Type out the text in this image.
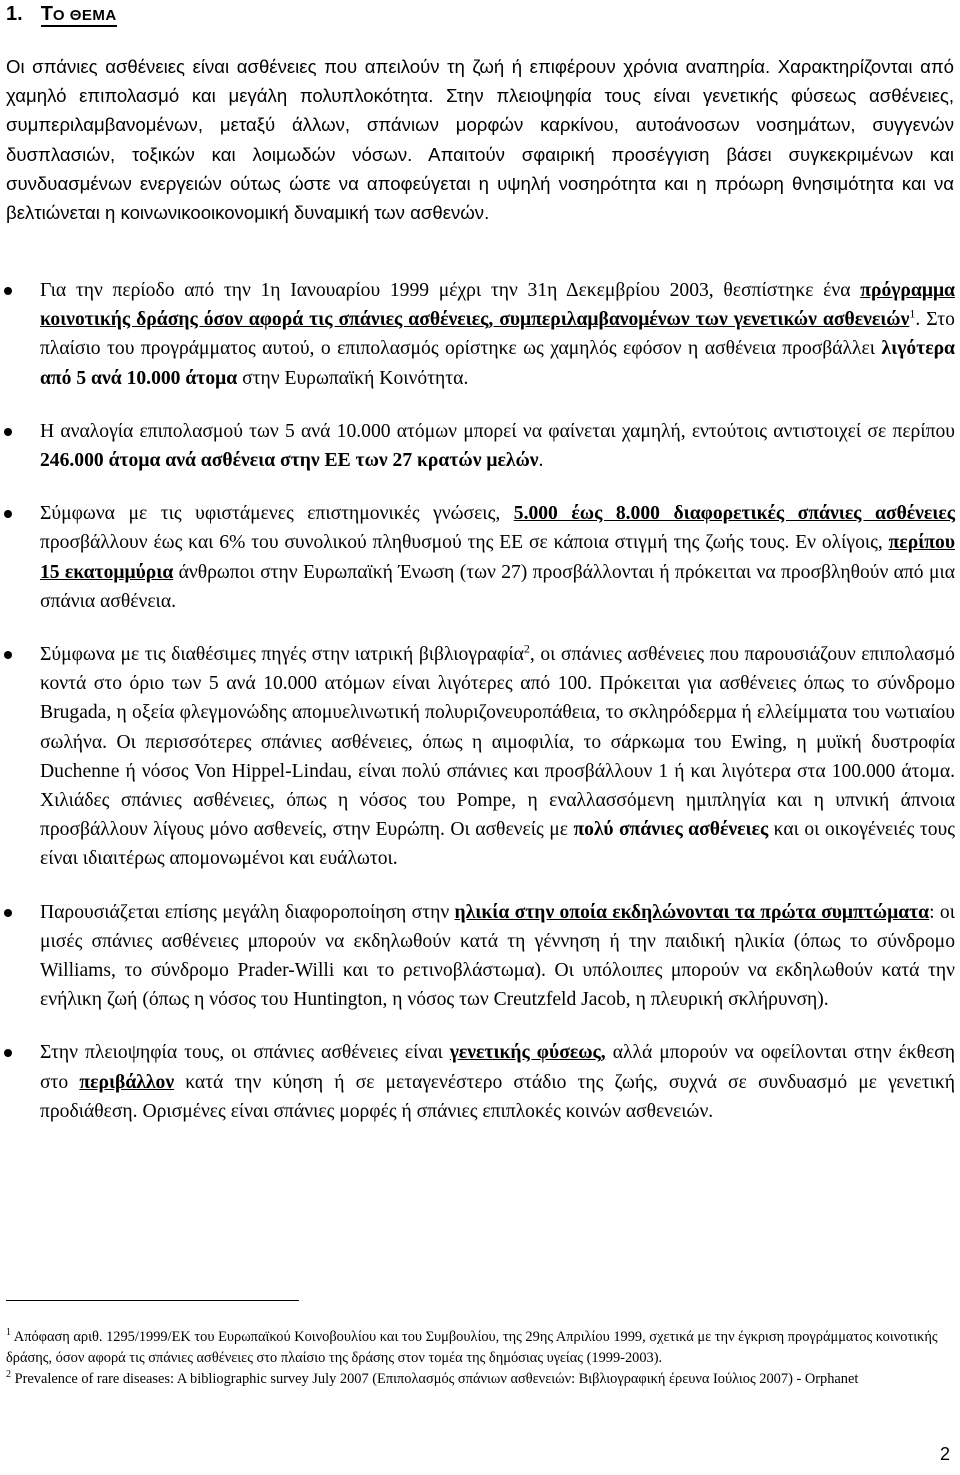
1. ΤΟ ΘΕΜΑ

Οι σπάνιες ασθένειες είναι ασθένειες που απειλούν τη ζωή ή επιφέρουν χρόνια αναπηρία. Χαρακτηρίζονται από χαμηλό επιπολασμό και μεγάλη πολυπλοκότητα. Στην πλειοψηφία τους είναι γενετικής φύσεως ασθένειες, συμπεριλαμβανομένων, μεταξύ άλλων, σπάνιων μορφών καρκίνου, αυτοάνοσων νοσημάτων, συγγενών δυσπλασιών, τοξικών και λοιμωδών νόσων. Απαιτούν σφαιρική προσέγγιση βάσει συγκεκριμένων και συνδυασμένων ενεργειών ούτως ώστε να αποφεύγεται η υψηλή νοσηρότητα και η πρόωρη θνησιμότητα και να βελτιώνεται η κοινωνικοοικονομική δυναμική των ασθενών.

Για την περίοδο από την 1η Ιανουαρίου 1999 μέχρι την 31η Δεκεμβρίου 2003, θεσπίστηκε ένα πρόγραμμα κοινοτικής δράσης όσον αφορά τις σπάνιες ασθένειες, συμπεριλαμβανομένων των γενετικών ασθενειών$^1$. Στο πλαίσιο του προγράμματος αυτού, ο επιπολασμός ορίστηκε ως χαμηλός εφόσον η ασθένεια προσβάλλει λιγότερα από 5 ανά 10.000 άτομα στην Ευρωπαϊκή Κοινότητα.
Η αναλογία επιπολασμού των 5 ανά 10.000 ατόμων μπορεί να φαίνεται χαμηλή, εντούτοις αντιστοιχεί σε περίπου 246.000 άτομα ανά ασθένεια στην ΕΕ των 27 κρατών μελών.
Σύμφωνα με τις υφιστάμενες επιστημονικές γνώσεις, 5.000 έως 8.000 διαφορετικές σπάνιες ασθένειες προσβάλλουν έως και 6% του συνολικού πληθυσμού της ΕΕ σε κάποια στιγμή της ζωής τους. Εν ολίγοις, περίπου 15 εκατομμύρια άνθρωποι στην Ευρωπαϊκή Ένωση (των 27) προσβάλλονται ή πρόκειται να προσβληθούν από μια σπάνια ασθένεια.
Σύμφωνα με τις διαθέσιμες πηγές στην ιατρική βιβλιογραφία$^2$, οι σπάνιες ασθένειες που παρουσιάζουν επιπολασμό κοντά στο όριο των 5 ανά 10.000 ατόμων είναι λιγότερες από 100. Πρόκειται για ασθένειες όπως το σύνδρομο Brugada, η οξεία φλεγμονώδης απομυελινωτική πολυριζονευροπάθεια, το σκληρόδερμα ή ελλείμματα του νωτιαίου σωλήνα. Οι περισσότερες σπάνιες ασθένειες, όπως η αιμοφιλία, το σάρκωμα του Ewing, η μυϊκή δυστροφία Duchenne ή νόσος Von Hippel-Lindau, είναι πολύ σπάνιες και προσβάλλουν 1 ή και λιγότερα στα 100.000 άτομα. Χιλιάδες σπάνιες ασθένειες, όπως η νόσος του Pompe, η εναλλασσόμενη ημιπληγία και η υπνική άπνοια προσβάλλουν λίγους μόνο ασθενείς, στην Ευρώπη. Οι ασθενείς με πολύ σπάνιες ασθένειες και οι οικογένειές τους είναι ιδιαιτέρως απομονωμένοι και ευάλωτοι.
Παρουσιάζεται επίσης μεγάλη διαφοροποίηση στην ηλικία στην οποία εκδηλώνονται τα πρώτα συμπτώματα: οι μισές σπάνιες ασθένειες μπορούν να εκδηλωθούν κατά τη γέννηση ή την παιδική ηλικία (όπως το σύνδρομο Williams, το σύνδρομο Prader-Willi και το ρετινοβλάστωμα). Οι υπόλοιπες μπορούν να εκδηλωθούν κατά την ενήλικη ζωή (όπως η νόσος του Huntington, η νόσος των Creutzfeld Jacob, η πλευρική σκλήρυνση).
Στην πλειοψηφία τους, οι σπάνιες ασθένειες είναι γενετικής φύσεως, αλλά μπορούν να οφείλονται στην έκθεση στο περιβάλλον κατά την κύηση ή σε μεταγενέστερο στάδιο της ζωής, συχνά σε συνδυασμό με γενετική προδιάθεση. Ορισμένες είναι σπάνιες μορφές ή σπάνιες επιπλοκές κοινών ασθενειών.

$^1$ Απόφαση αριθ. 1295/1999/ΕΚ του Ευρωπαϊκού Κοινοβουλίου και του Συμβουλίου, της 29ης Απριλίου 1999, σχετικά με την έγκριση προγράμματος κοινοτικής δράσης, όσον αφορά τις σπάνιες ασθένειες στο πλαίσιο της δράσης στον τομέα της δημόσιας υγείας (1999-2003).

$^2$ Prevalence of rare diseases: A bibliographic survey July 2007 (Επιπολασμός σπάνιων ασθενειών: Βιβλιογραφική έρευνα Ιούλιος 2007) - Orphanet

2
